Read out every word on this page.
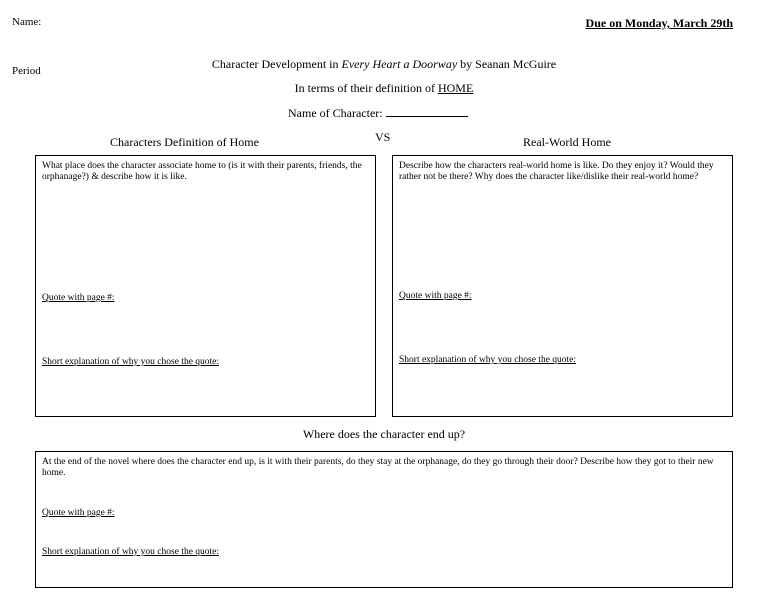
Name:	Due on Monday, March 29th
Period	Character Development in Every Heart a Doorway by Seanan McGuire
In terms of their definition of HOME
Name of Character:
Characters Definition of Home	VS	Real-World Home
What place does the character associate home to (is it with their parents, friends, the orphanage?) & describe how it is like.
Quote with page #:
Short explanation of why you chose the quote:
Describe how the characters real-world home is like. Do they enjoy it? Would they rather not be there? Why does the character like/dislike their real-world home?
Quote with page #:
Short explanation of why you chose the quote:
Where does the character end up?
At the end of the novel where does the character end up, is it with their parents, do they stay at the orphanage, do they go through their door? Describe how they got to their new home.
Quote with page #:
Short explanation of why you chose the quote:
